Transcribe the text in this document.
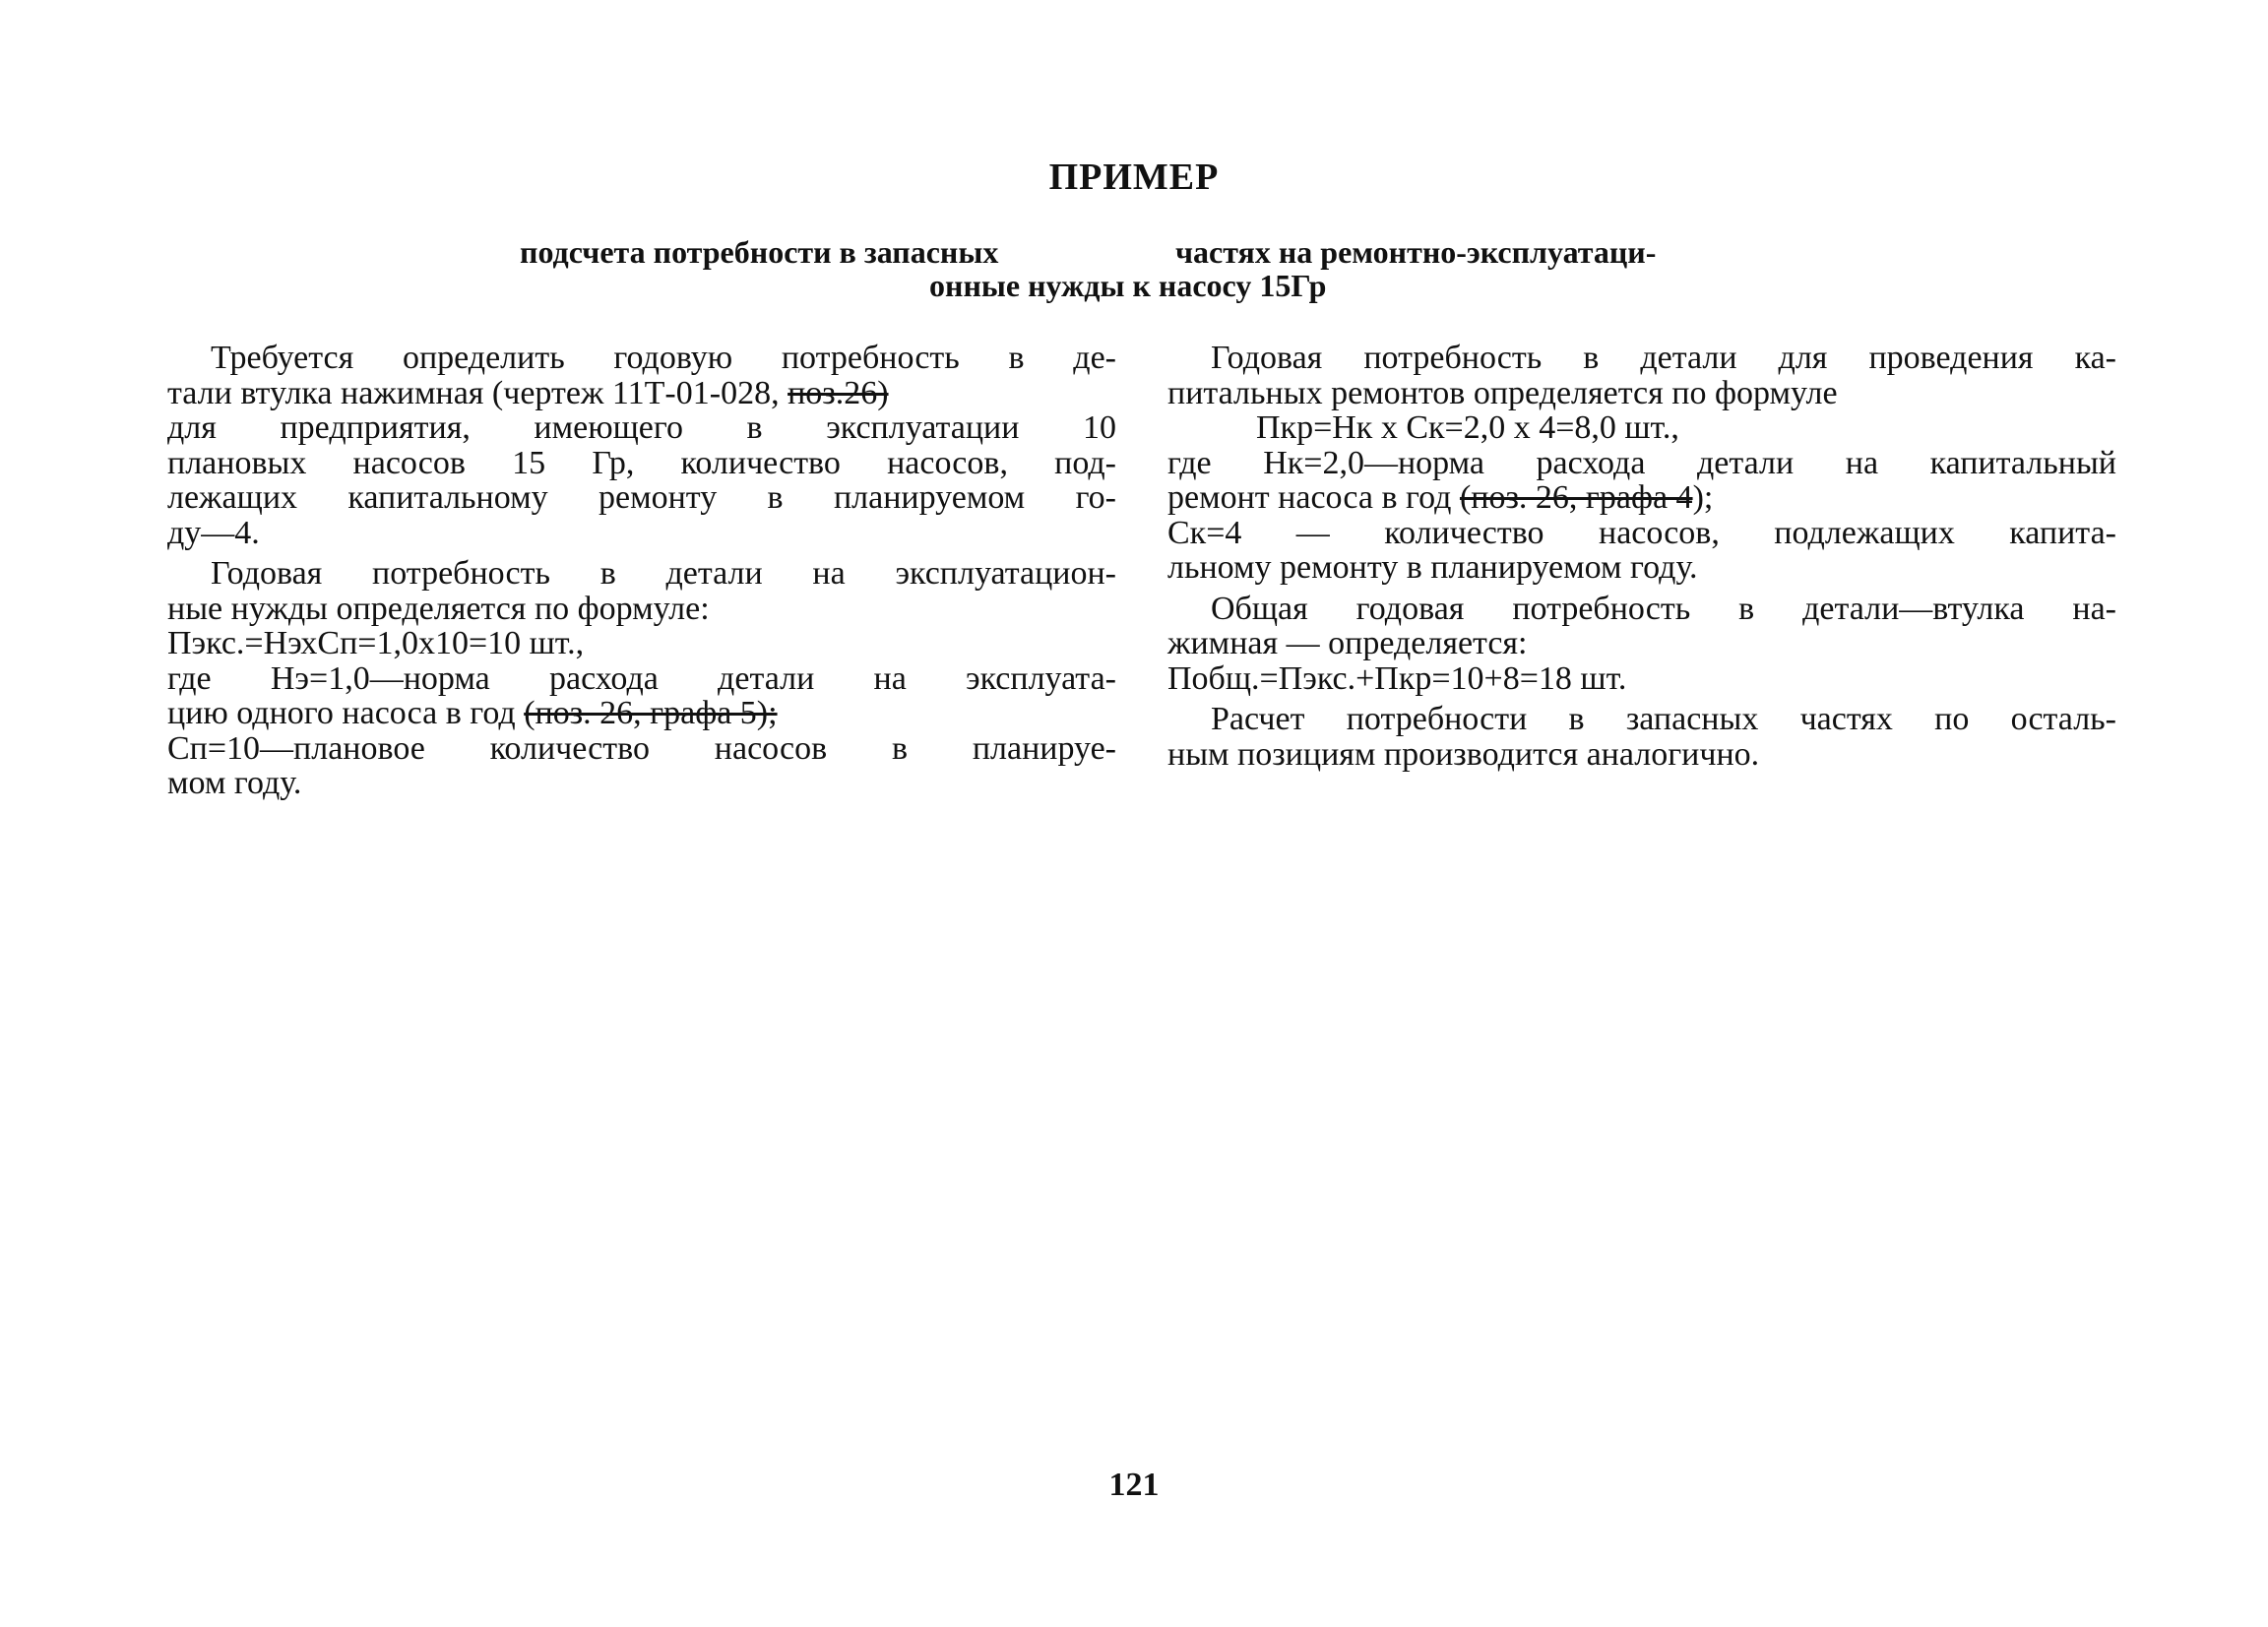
ПРИМЕР
подсчета потребности в запасных	частях на ремонтно-эксплуатаци-
онные нужды к насосу 15Гр
Требуется определить годовую потребность в де-
тали втулка нажимная (чертеж 11Т-01-028, поз.26)
для предприятия, имеющего в эксплуатации 10
плановых насосов 15 Гр, количество насосов, под-
лежащих капитальному ремонту в планируемом го-
ду—4.
Годовая потребность в детали на эксплуатацион-
ные нужды определяется по формуле:
Пэкс.=НэхСп=1,0х10=10 шт.,
где Нэ=1,0—норма расхода детали на эксплуата-
цию одного насоса в год (поз. 26, графа 5);
Сп=10—плановое количество насосов в планируе-
мом году.
Годовая потребность в детали для проведения ка-
питальных ремонтов определяется по формуле
Пкр=Нк х Ск=2,0 х 4=8,0 шт.,
где Нк=2,0—норма расхода детали на капитальный
ремонт насоса в год (поз. 26, графа 4);
Ск=4 — количество насосов, подлежащих капита-
льному ремонту в планируемом году.
Общая годовая потребность в детали—втулка на-
жимная — определяется:
Побщ.=Пэкс.+Пкр=10+8=18 шт.
Расчет потребности в запасных частях по осталь-
ным позициям производится аналогично.
121
